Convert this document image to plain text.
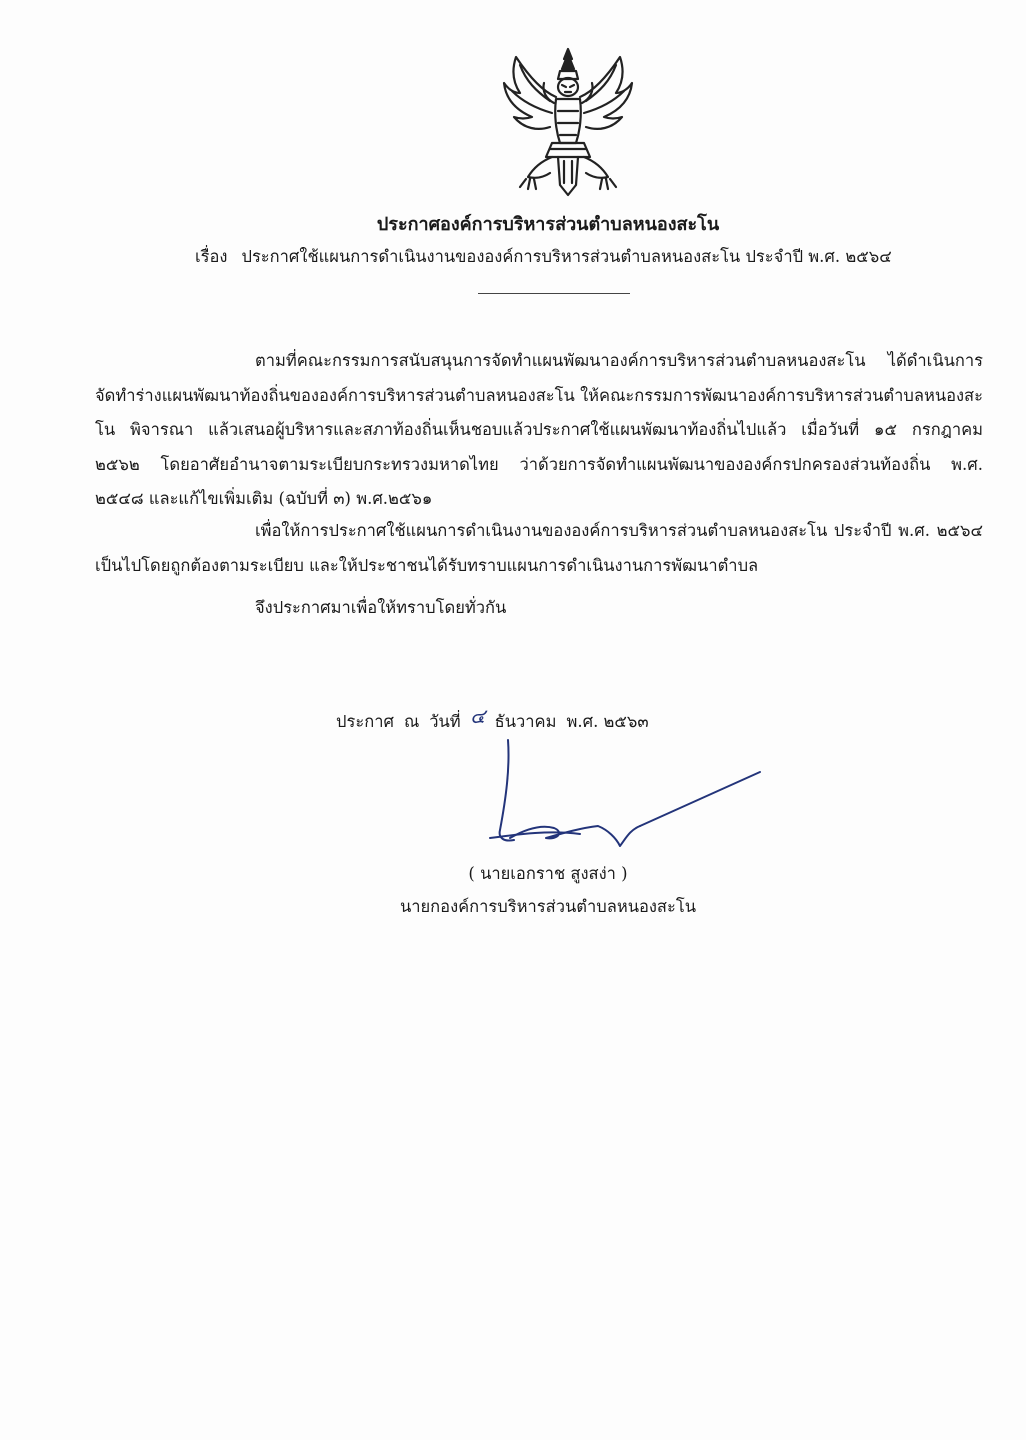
ประกาศองค์การบริหารส่วนตำบลหนองสะโน
เรื่อง ประกาศใช้แผนการดำเนินงานขององค์การบริหารส่วนตำบลหนองสะโน ประจำปี พ.ศ. ๒๕๖๔
ตามที่คณะกรรมการสนับสนุนการจัดทำแผนพัฒนาองค์การบริหารส่วนตำบลหนองสะโน ได้ดำเนินการจัดทำร่างแผนพัฒนาท้องถิ่นขององค์การบริหารส่วนตำบลหนองสะโน ให้คณะกรรมการพัฒนาองค์การบริหารส่วนตำบลหนองสะโน พิจารณา แล้วเสนอผู้บริหารและสภาท้องถิ่นเห็นชอบแล้วประกาศใช้แผนพัฒนาท้องถิ่นไปแล้ว เมื่อวันที่ ๑๕ กรกฎาคม ๒๕๖๒ โดยอาศัยอำนาจตามระเบียบกระทรวงมหาดไทย ว่าด้วยการจัดทำแผนพัฒนาขององค์กรปกครองส่วนท้องถิ่น พ.ศ. ๒๕๔๘ และแก้ไขเพิ่มเติม (ฉบับที่ ๓) พ.ศ.๒๕๖๑
เพื่อให้การประกาศใช้แผนการดำเนินงานขององค์การบริหารส่วนตำบลหนองสะโน ประจำปี พ.ศ. ๒๕๖๔ เป็นไปโดยถูกต้องตามระเบียบ และให้ประชาชนได้รับทราบแผนการดำเนินงานการพัฒนาตำบล
จึงประกาศมาเพื่อให้ทราบโดยทั่วกัน
ประกาศ ณ วันที่ ๔ ธันวาคม พ.ศ. ๒๕๖๓
( นายเอกราช สูงสง่า )
นายกองค์การบริหารส่วนตำบลหนองสะโน
